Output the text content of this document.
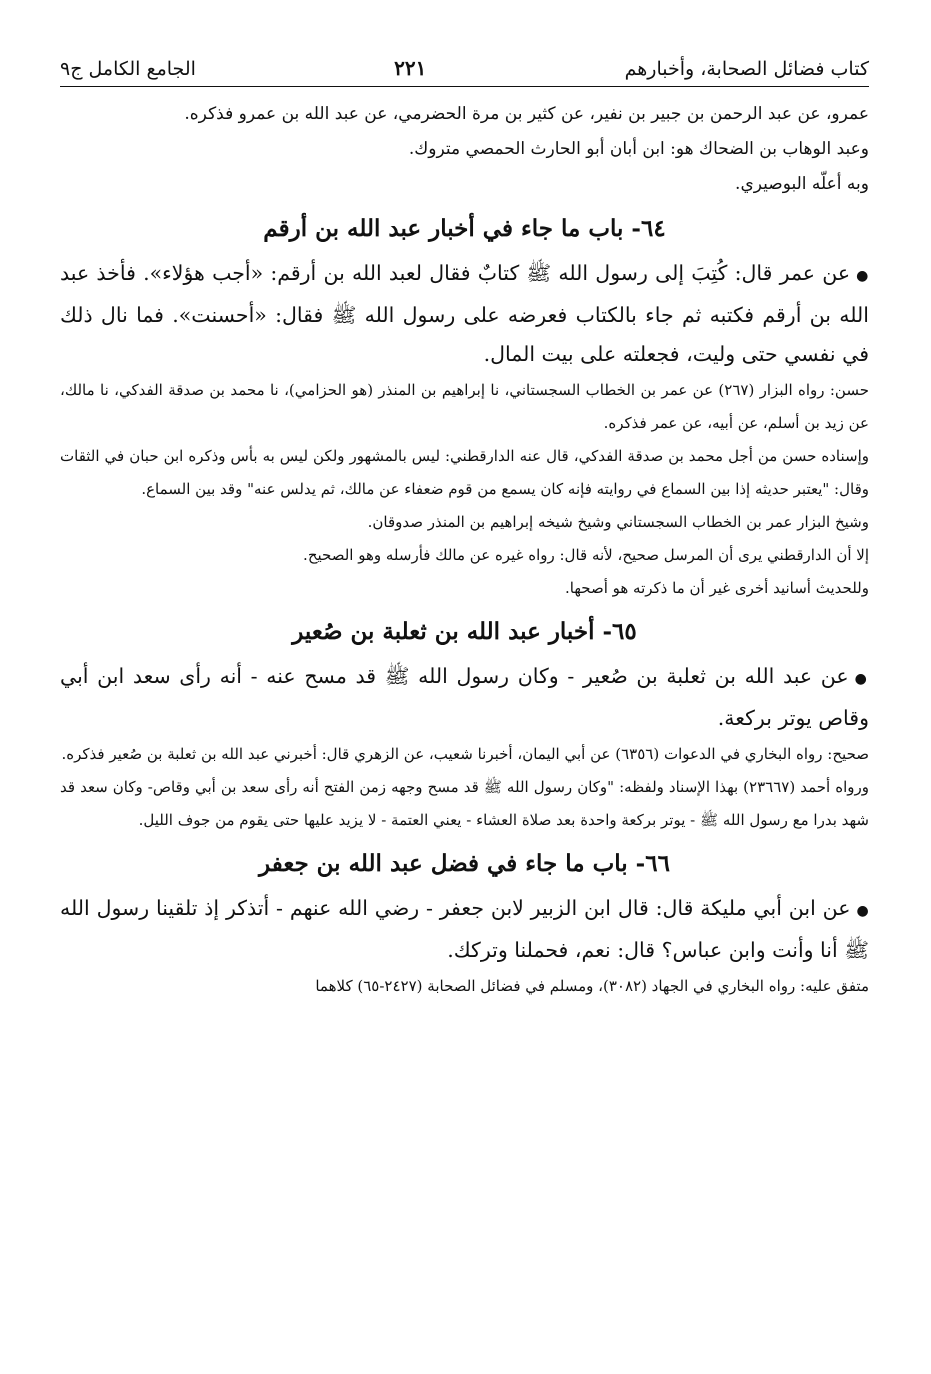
كتاب فضائل الصحابة، وأخبارهم
٢٢١
الجامع الكامل ج٩

عمرو، عن عبد الرحمن بن جبير بن نفير، عن كثير بن مرة الحضرمي، عن عبد الله بن عمرو فذكره.

وعبد الوهاب بن الضحاك هو: ابن أبان أبو الحارث الحمصي متروك.

وبه أعلّه البوصيري.

٦٤- باب ما جاء في أخبار عبد الله بن أرقم

●عن عمر قال: كُتِبَ إلى رسول الله ﷺ كتابٌ فقال لعبد الله بن أرقم: «أجب هؤلاء». فأخذ عبد الله بن أرقم فكتبه ثم جاء بالكتاب فعرضه على رسول الله ﷺ فقال: «أحسنت». فما نال ذلك في نفسي حتى وليت، فجعلته على بيت المال.

حسن: رواه البزار (٢٦٧) عن عمر بن الخطاب السجستاني، نا إبراهيم بن المنذر (هو الحزامي)، نا محمد بن صدقة الفدكي، نا مالك، عن زيد بن أسلم، عن أبيه، عن عمر فذكره.

وإسناده حسن من أجل محمد بن صدقة الفدكي، قال عنه الدارقطني: ليس بالمشهور ولكن ليس به بأس وذكره ابن حبان في الثقات وقال: "يعتبر حديثه إذا بين السماع في روايته فإنه كان يسمع من قوم ضعفاء عن مالك، ثم يدلس عنه" وقد بين السماع.

وشيخ البزار عمر بن الخطاب السجستاني وشيخ شيخه إبراهيم بن المنذر صدوقان.

إلا أن الدارقطني يرى أن المرسل صحيح، لأنه قال: رواه غيره عن مالك فأرسله وهو الصحيح.

وللحديث أسانيد أخرى غير أن ما ذكرته هو أصحها.

٦٥- أخبار عبد الله بن ثعلبة بن صُعير

●عن عبد الله بن ثعلبة بن صُعير - وكان رسول الله ﷺ قد مسح عنه - أنه رأى سعد ابن أبي وقاص يوتر بركعة.

صحيح: رواه البخاري في الدعوات (٦٣٥٦) عن أبي اليمان، أخبرنا شعيب، عن الزهري قال: أخبرني عبد الله بن ثعلبة بن صُعير فذكره.

ورواه أحمد (٢٣٦٦٧) بهذا الإسناد ولفظه: "وكان رسول الله ﷺ قد مسح وجهه زمن الفتح أنه رأى سعد بن أبي وقاص- وكان سعد قد شهد بدرا مع رسول الله ﷺ - يوتر بركعة واحدة بعد صلاة العشاء - يعني العتمة - لا يزيد عليها حتى يقوم من جوف الليل.

٦٦- باب ما جاء في فضل عبد الله بن جعفر

●عن ابن أبي مليكة قال: قال ابن الزبير لابن جعفر - رضي الله عنهم - أتذكر إذ تلقينا رسول الله ﷺ أنا وأنت وابن عباس؟ قال: نعم، فحملنا وتركك.

متفق عليه: رواه البخاري في الجهاد (٣٠٨٢)، ومسلم في فضائل الصحابة (٢٤٢٧-٦٥) كلاهما
